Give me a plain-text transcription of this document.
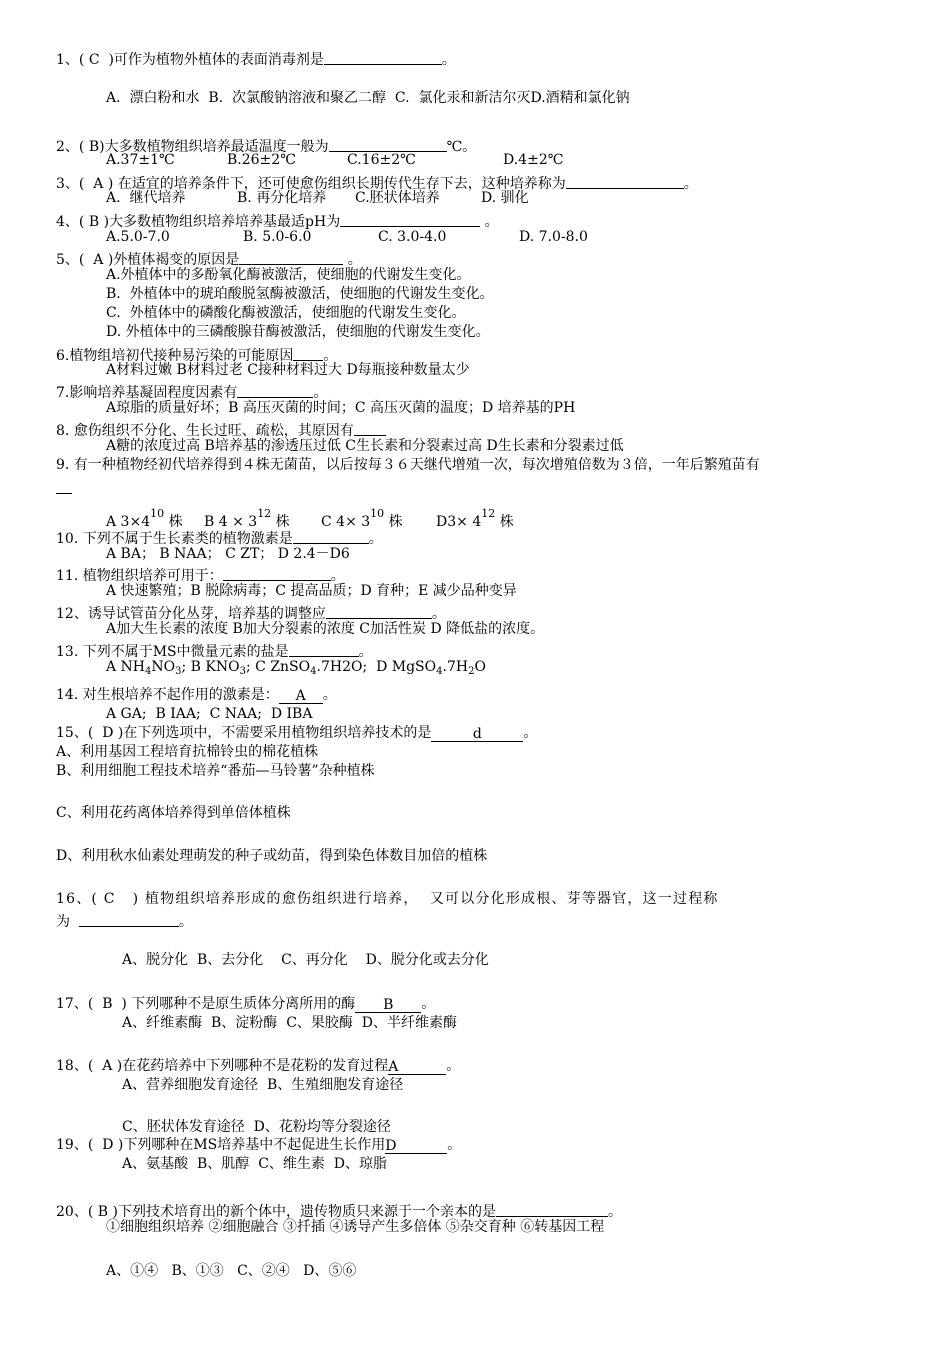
1、( C  )可作为植物外植体的表面消毒剂是	。
A.  漂白粉和水  B.  次氯酸钠溶液和聚乙二醇  C.  氯化汞和新洁尔灭D.酒精和氯化钠
2、( B)大多数植物组织培养最适温度一般为	℃。
A.37±1℃	B.26±2℃	C.16±2℃	D.4±2℃
3、(  A ) 在适宜的培养条件下，还可使愈伤组织长期传代生存下去，这种培养称为	。
A.  继代培养	B. 再分化培养 C.胚状体培养	D. 驯化
4、( B )大多数植物组织培养培养基最适pH为	。
A.5.0-7.0	B. 5.0-6.0	C. 3.0-4.0	D. 7.0-8.0
5、(  A )外植体褐变的原因是	。
A.外植体中的多酚氧化酶被激活，使细胞的代谢发生变化。
B.  外植体中的琥珀酸脱氢酶被激活，使细胞的代谢发生变化。
C.  外植体中的磷酸化酶被激活，使细胞的代谢发生变化。
D. 外植体中的三磷酸腺苷酶被激活，使细胞的代谢发生变化。
6.植物组培初代接种易污染的可能原因 。
A材料过嫩 B材料过老 C接种材料过大 D每瓶接种数量太少
7.影响培养基凝固程度因素有	。
A琼脂的质量好坏；B 高压灭菌的时间；C 高压灭菌的温度；D 培养基的PH
8. 愈伤组织不分化、生长过旺、疏松，其原因有
A糖的浓度过高 B培养基的渗透压过低 C生长素和分裂素过高 D生长素和分裂素过低
9. 有一种植物经初代培养得到４株无菌苗，以后按每３６天继代增殖一次，每次增殖倍数为３倍，一年后繁殖苗有
A $3\times 4^{10}$ 株 B $4 \times 3^{12}$ 株 C $4\times 3^{10}$ 株 $D3\times 4^{12}$ 株
10. 下列不属于生长素类的植物激素是	。
A BA； B NAA； C ZT； D 2.4－D6
11. 植物组织培养可用于：	。
A 快速繁殖；B 脱除病毒；C 提高品质；D 育种；E 减少品种变异
12、诱导试管苗分化丛芽，培养基的调整应	。
A加大生长素的浓度 B加大分裂素的浓度 C加活性炭 D 降低盐的浓度。
13. 下列不属于MS中微量元素的盐是	。
A $NH_4NO_3$; B $KNO_3$; C ZnSO$_4$.7H2O;  D $MgSO_4.7H_2O$
14. 对生根培养不起作用的激素是： A 。
A GA;  B IAA;  C NAA;  D IBA
15、(  D )在下列选项中，不需要采用植物组织培养技术的是	d	。
A、利用基因工程培育抗棉铃虫的棉花植株
B、利用细胞工程技术培养“番茄—马铃薯”杂种植株
C、利用花药离体培养得到单倍体植株
D、利用秋水仙素处理萌发的种子或幼苗，得到染色体数目加倍的植株
16、( C   ) 植物组织培养形成的愈伤组织进行培养，  又可以分化形成根、芽等器官，这一过程称
为	。
A、脱分化  B、去分化    C、再分化    D、脱分化或去分化
17、(  B  ) 下列哪种不是原生质体分离所用的酶 B 。
A、纤维素酶  B、淀粉酶  C、果胶酶  D、半纤维素酶
18、(  A )在花药培养中下列哪种不是花粉的发育过程A	。
A、营养细胞发育途径  B、生殖细胞发育途径
C、胚状体发育途径  D、花粉均等分裂途径
19、(  D )下列哪种在MS培养基中不起促进生长作用D	。
A、氨基酸  B、肌醇  C、维生素  D、琼脂
20、( B )下列技术培育出的新个体中，遗传物质只来源于一个亲本的是	。
①细胞组织培养 ②细胞融合 ③扦插 ④诱导产生多倍体 ⑤杂交育种 ⑥转基因工程
A、①④   B、①③   C、②④   D、⑤⑥
